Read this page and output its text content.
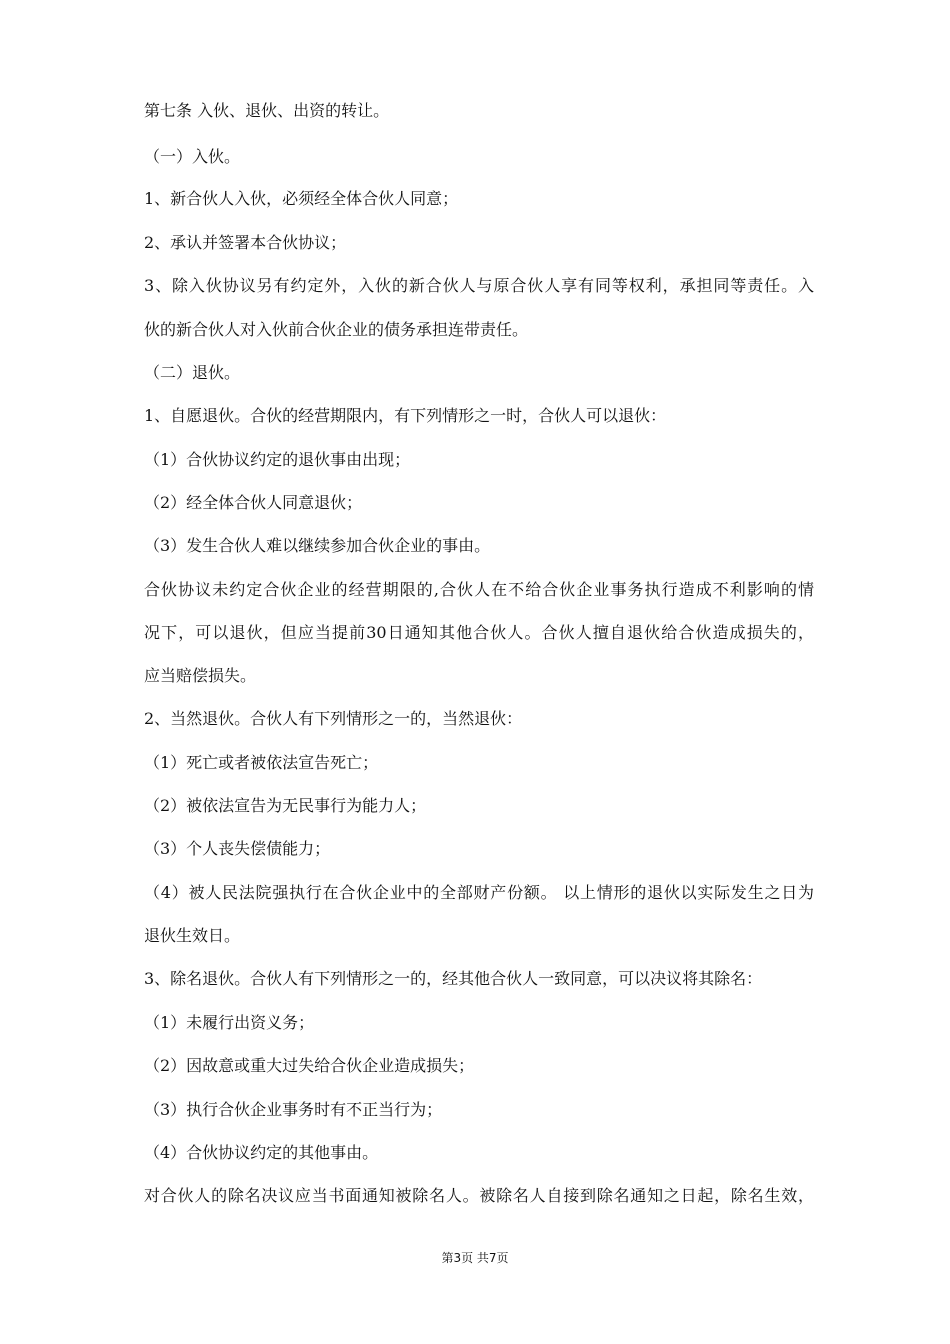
第七条 入伙、退伙、出资的转让。
（一）入伙。
1、新合伙人入伙，必须经全体合伙人同意；
2、承认并签署本合伙协议；
3、除入伙协议另有约定外，入伙的新合伙人与原合伙人享有同等权利，承担同等责任。入
伙的新合伙人对入伙前合伙企业的债务承担连带责任。
（二）退伙。
1、自愿退伙。合伙的经营期限内，有下列情形之一时，合伙人可以退伙：
（1）合伙协议约定的退伙事由出现；
（2）经全体合伙人同意退伙；
（3）发生合伙人难以继续参加合伙企业的事由。
合伙协议未约定合伙企业的经营期限的,合伙人在不给合伙企业事务执行造成不利影响的情
况下，可以退伙，但应当提前30日通知其他合伙人。合伙人擅自退伙给合伙造成损失的，
应当赔偿损失。
2、当然退伙。合伙人有下列情形之一的，当然退伙：
（1）死亡或者被依法宣告死亡；
（2）被依法宣告为无民事行为能力人；
（3）个人丧失偿债能力；
（4）被人民法院强执行在合伙企业中的全部财产份额。 以上情形的退伙以实际发生之日为
退伙生效日。
3、除名退伙。合伙人有下列情形之一的，经其他合伙人一致同意，可以决议将其除名：
（1）未履行出资义务；
（2）因故意或重大过失给合伙企业造成损失；
（3）执行合伙企业事务时有不正当行为；
（4）合伙协议约定的其他事由。
对合伙人的除名决议应当书面通知被除名人。被除名人自接到除名通知之日起，除名生效，
第3页 共7页
